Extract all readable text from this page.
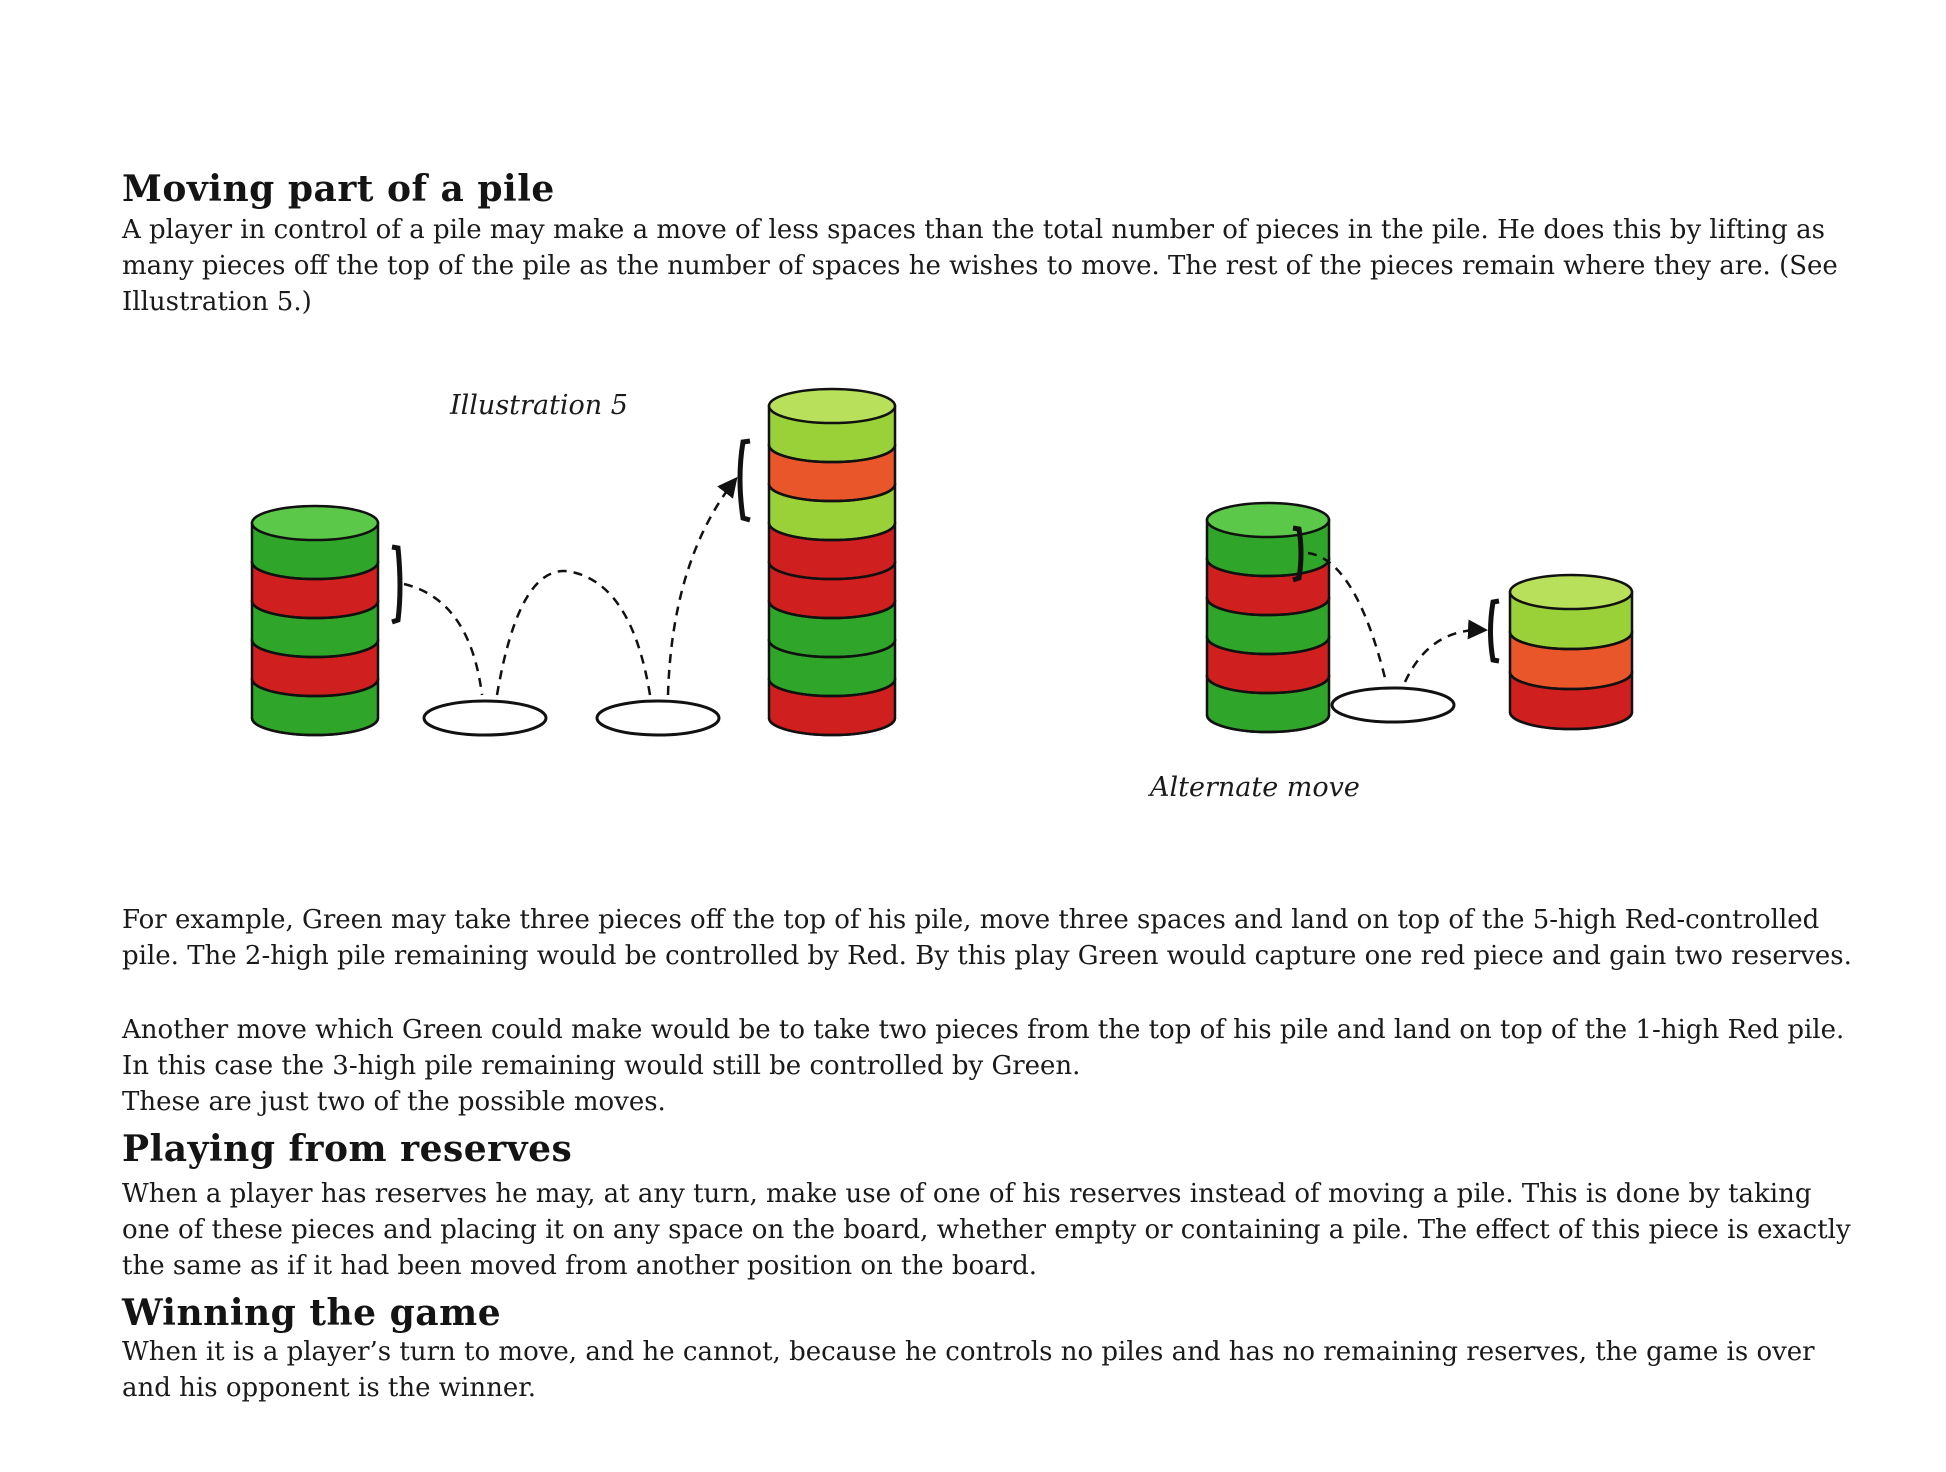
Moving part of a pile

A player in control of a pile may make a move of less spaces than the total number of pieces in the pile. He does this by lifting as many pieces off the top of the pile as the number of spaces he wishes to move. The rest of the pieces remain where they are. (See Illustration 5.)

Illustration 5
Alternate move

For example, Green may take three pieces off the top of his pile, move three spaces and land on top of the 5-high Red-controlled pile. The 2-high pile remaining would be controlled by Red. By this play Green would capture one red piece and gain two reserves.

Another move which Green could make would be to take two pieces from the top of his pile and land on top of the 1-high Red pile. In this case the 3-high pile remaining would still be controlled by Green.

These are just two of the possible moves.

Playing from reserves

When a player has reserves he may, at any turn, make use of one of his reserves instead of moving a pile. This is done by taking one of these pieces and placing it on any space on the board, whether empty or containing a pile. The effect of this piece is exactly the same as if it had been moved from another position on the board.

Winning the game

When it is a player’s turn to move, and he cannot, because he controls no piles and has no remaining reserves, the game is over and his opponent is the winner.
